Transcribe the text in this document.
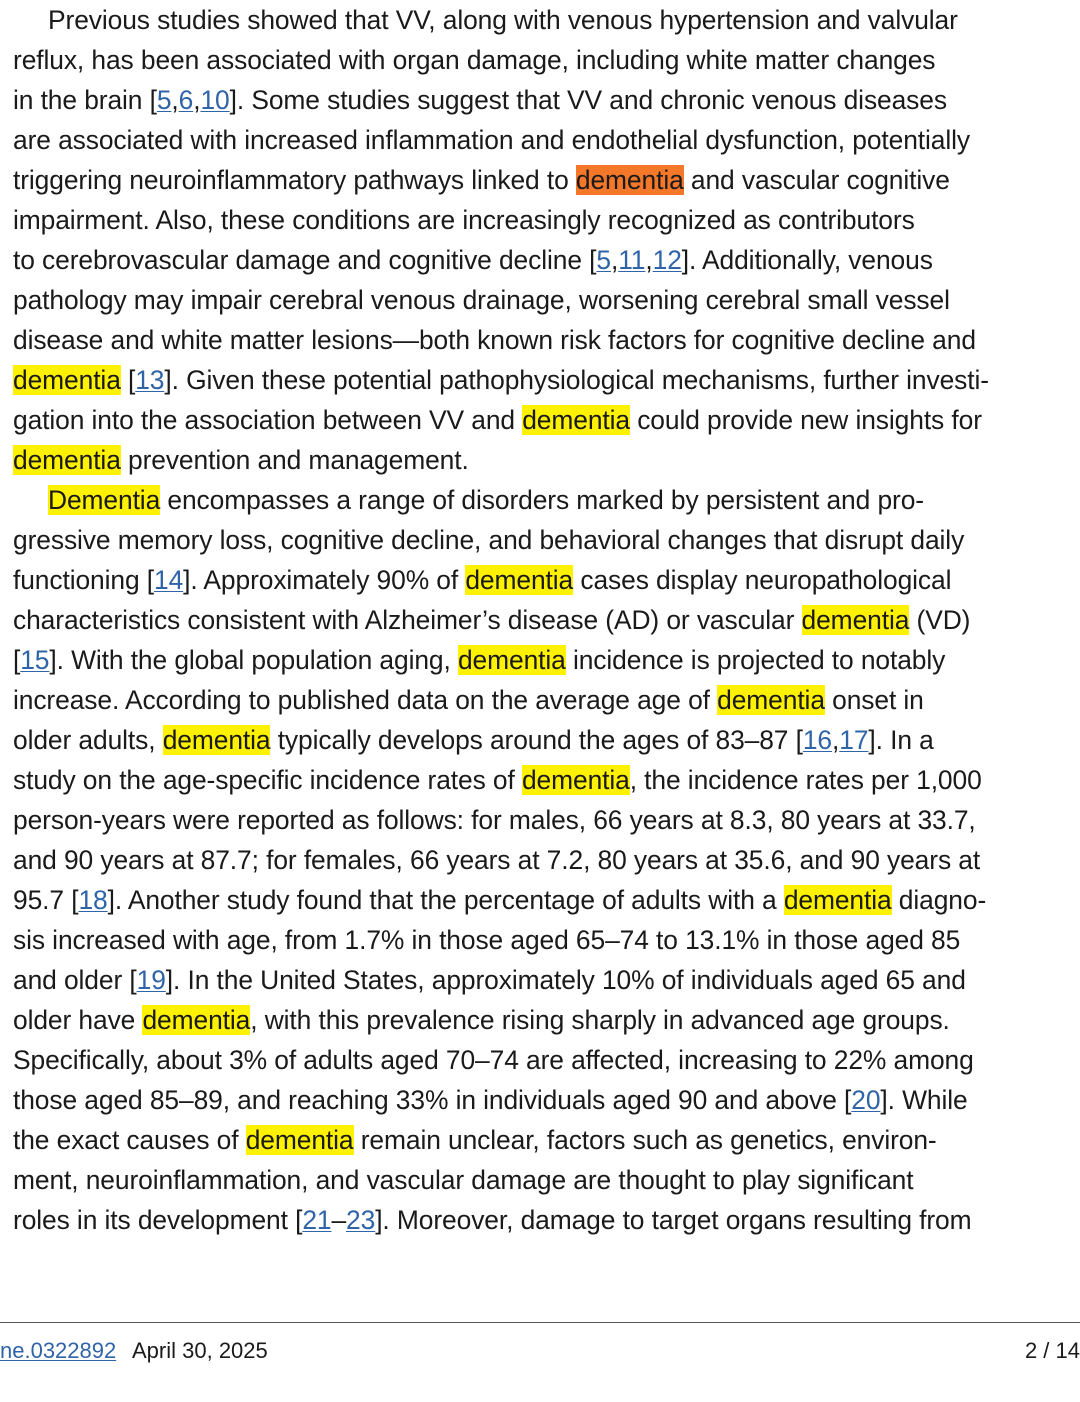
Previous studies showed that VV, along with venous hypertension and valvular
reflux, has been associated with organ damage, including white matter changes
in the brain [5,6,10]. Some studies suggest that VV and chronic venous diseases
are associated with increased inflammation and endothelial dysfunction, potentially
triggering neuroinflammatory pathways linked to dementia and vascular cognitive
impairment. Also, these conditions are increasingly recognized as contributors
to cerebrovascular damage and cognitive decline [5,11,12]. Additionally, venous
pathology may impair cerebral venous drainage, worsening cerebral small vessel
disease and white matter lesions—both known risk factors for cognitive decline and
dementia [13]. Given these potential pathophysiological mechanisms, further investi-
gation into the association between VV and dementia could provide new insights for
dementia prevention and management.
Dementia encompasses a range of disorders marked by persistent and pro-
gressive memory loss, cognitive decline, and behavioral changes that disrupt daily
functioning [14]. Approximately 90% of dementia cases display neuropathological
characteristics consistent with Alzheimer’s disease (AD) or vascular dementia (VD)
[15]. With the global population aging, dementia incidence is projected to notably
increase. According to published data on the average age of dementia onset in
older adults, dementia typically develops around the ages of 83–87 [16,17]. In a
study on the age-specific incidence rates of dementia, the incidence rates per 1,000
person-years were reported as follows: for males, 66 years at 8.3, 80 years at 33.7,
and 90 years at 87.7; for females, 66 years at 7.2, 80 years at 35.6, and 90 years at
95.7 [18]. Another study found that the percentage of adults with a dementia diagno-
sis increased with age, from 1.7% in those aged 65–74 to 13.1% in those aged 85
and older [19]. In the United States, approximately 10% of individuals aged 65 and
older have dementia, with this prevalence rising sharply in advanced age groups.
Specifically, about 3% of adults aged 70–74 are affected, increasing to 22% among
those aged 85–89, and reaching 33% in individuals aged 90 and above [20]. While
the exact causes of dementia remain unclear, factors such as genetics, environ-
ment, neuroinflammation, and vascular damage are thought to play significant
roles in its development [21–23]. Moreover, damage to target organs resulting from
ne.0322892 April 30, 2025	2 / 14
